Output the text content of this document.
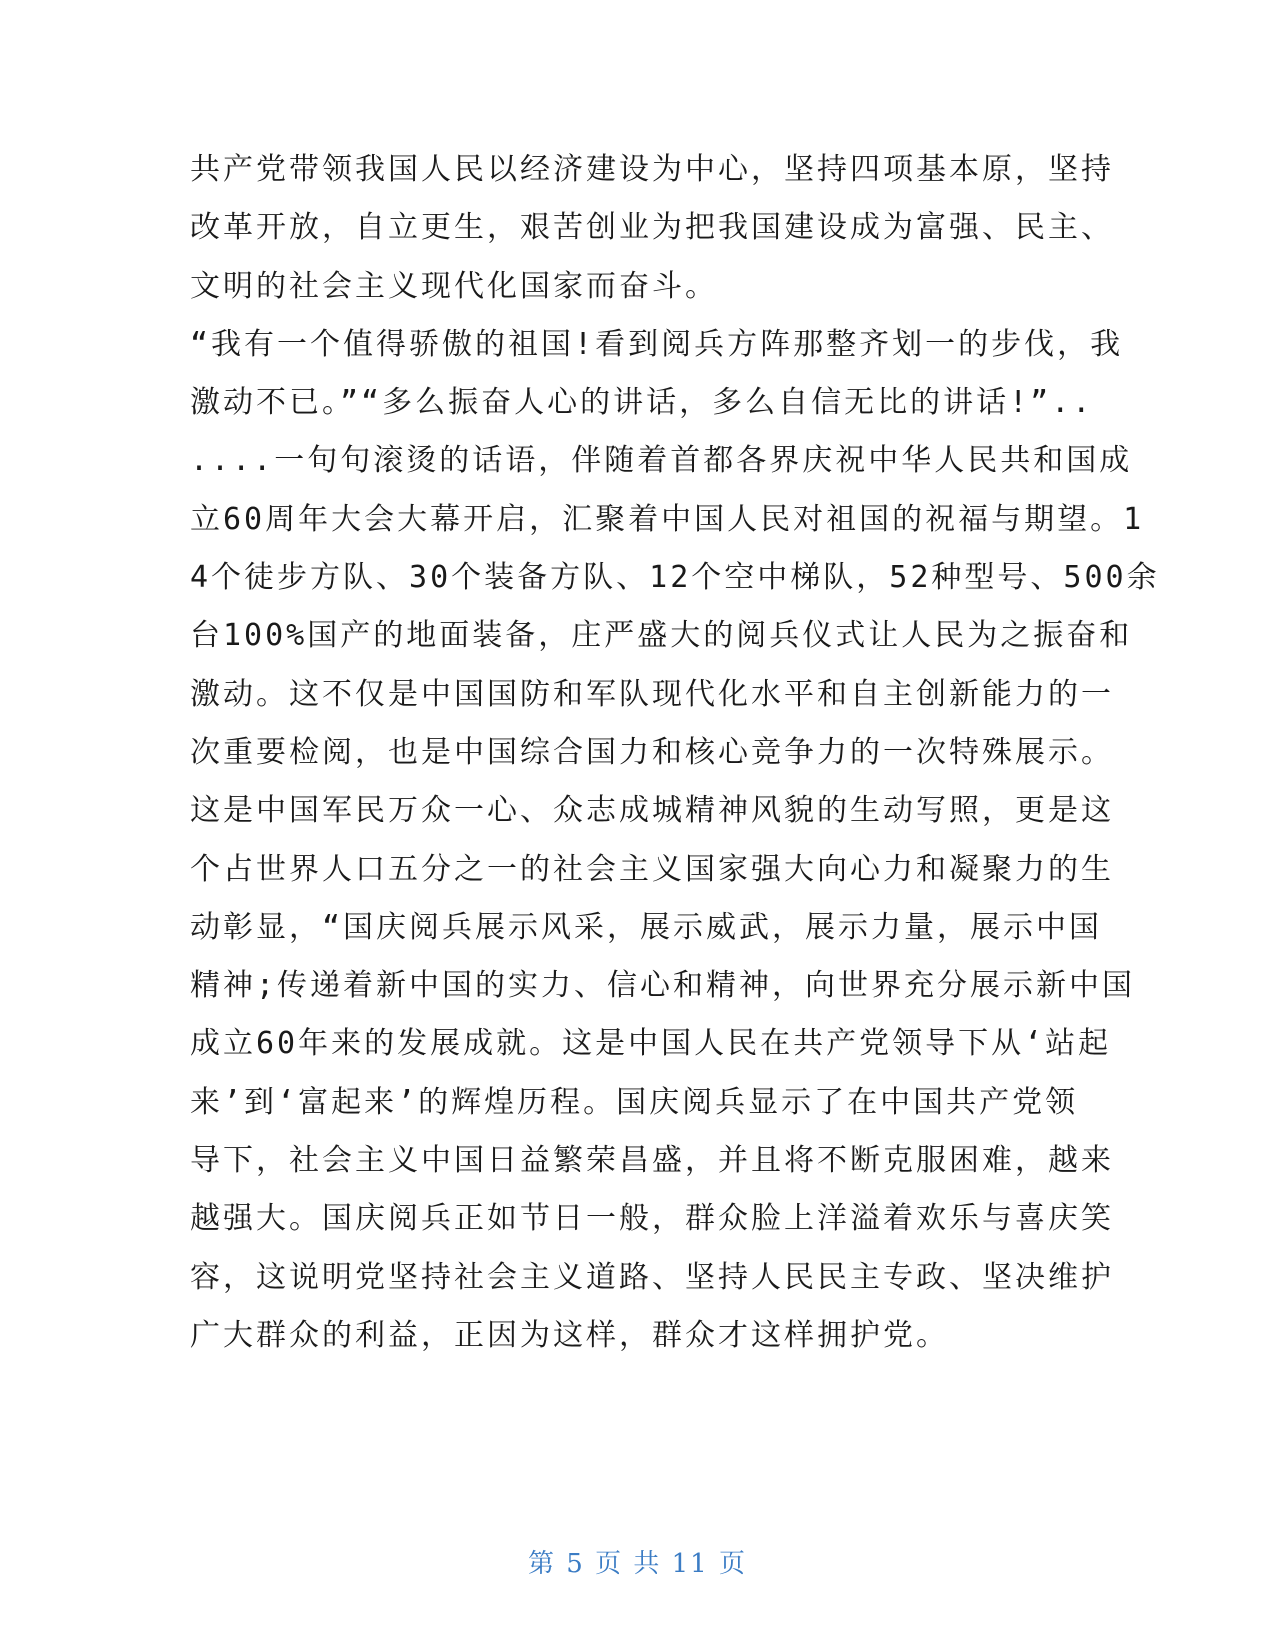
共产党带领我国人民以经济建设为中心，坚持四项基本原，坚持
改革开放，自立更生，艰苦创业为把我国建设成为富强、民主、
文明的社会主义现代化国家而奋斗。
“我有一个值得骄傲的祖国!看到阅兵方阵那整齐划一的步伐，我
激动不已。”“多么振奋人心的讲话，多么自信无比的讲话!”..
....一句句滚烫的话语，伴随着首都各界庆祝中华人民共和国成
立60周年大会大幕开启，汇聚着中国人民对祖国的祝福与期望。1
4个徒步方队、30个装备方队、12个空中梯队，52种型号、500余
台100%国产的地面装备，庄严盛大的阅兵仪式让人民为之振奋和
激动。这不仅是中国国防和军队现代化水平和自主创新能力的一
次重要检阅，也是中国综合国力和核心竞争力的一次特殊展示。
这是中国军民万众一心、众志成城精神风貌的生动写照，更是这
个占世界人口五分之一的社会主义国家强大向心力和凝聚力的生
动彰显，“国庆阅兵展示风采，展示威武，展示力量，展示中国
精神;传递着新中国的实力、信心和精神，向世界充分展示新中国
成立60年来的发展成就。这是中国人民在共产党领导下从‘站起
来’到‘富起来’的辉煌历程。国庆阅兵显示了在中国共产党领
导下，社会主义中国日益繁荣昌盛，并且将不断克服困难，越来
越强大。国庆阅兵正如节日一般，群众脸上洋溢着欢乐与喜庆笑
容，这说明党坚持社会主义道路、坚持人民民主专政、坚决维护
广大群众的利益，正因为这样，群众才这样拥护党。
第 5 页 共 11 页
